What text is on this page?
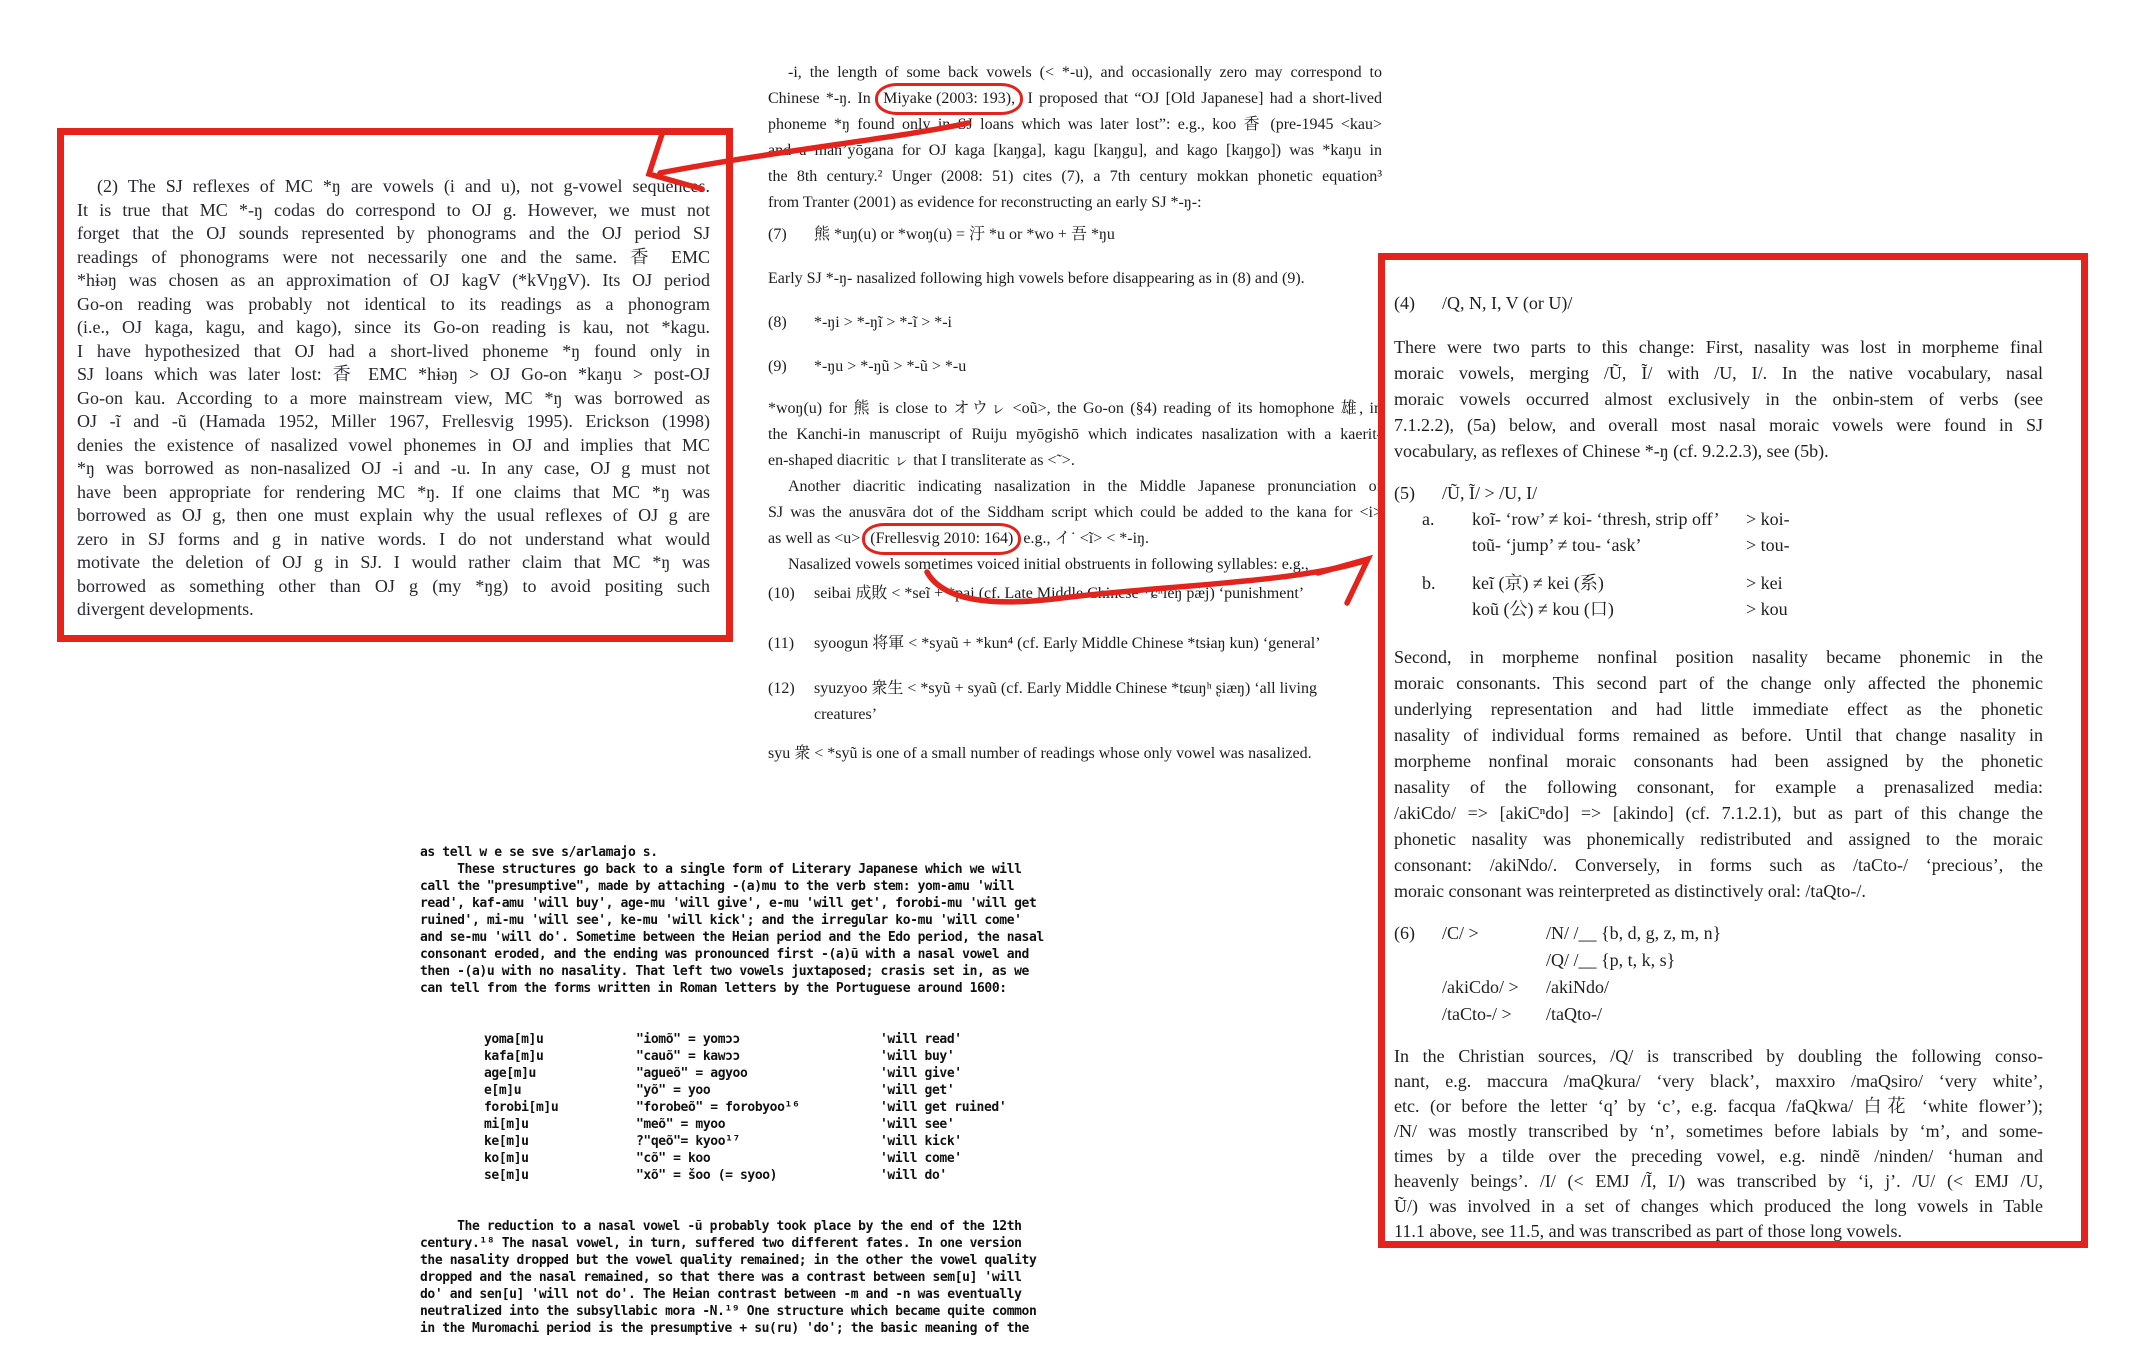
(2) The SJ reflexes of MC *ŋ are vowels (i and u), not g-vowel sequences.
It is true that MC *-ŋ codas do correspond to OJ g. However, we must not
forget that the OJ sounds represented by phonograms and the OJ period SJ
readings of phonograms were not necessarily one and the same. 香 EMC
*hɨəŋ was chosen as an approximation of OJ kagV (*kVŋgV). Its OJ period
Go-on reading was probably not identical to its readings as a phonogram
(i.e., OJ kaga, kagu, and kago), since its Go-on reading is kau, not *kagu.
I have hypothesized that OJ had a short-lived phoneme *ŋ found only in
SJ loans which was later lost: 香 EMC *hɨəŋ > OJ Go-on *kaŋu > post-OJ
Go-on kau. According to a more mainstream view, MC *ŋ was borrowed as
OJ -ĩ and -ũ (Hamada 1952, Miller 1967, Frellesvig 1995). Erickson (1998)
denies the existence of nasalized vowel phonemes in OJ and implies that MC
*ŋ was borrowed as non-nasalized OJ -i and -u. In any case, OJ g must not
have been appropriate for rendering MC *ŋ. If one claims that MC *ŋ was
borrowed as OJ g, then one must explain why the usual reflexes of OJ g are
zero in SJ forms and g in native words. I do not understand what would
motivate the deletion of OJ g in SJ. I would rather claim that MC *ŋ was
borrowed as something other than OJ g (my *ŋg) to avoid positing such
divergent developments.
-i, the length of some back vowels (< *-u), and occasionally zero may correspond to
Chinese *-ŋ. In Miyake (2003: 193), I proposed that “OJ [Old Japanese] had a short-lived
phoneme *ŋ found only in SJ loans which was later lost”: e.g., koo 香 (pre-1945 <kau>
and a man’yōgana for OJ kaga [kaŋga], kagu [kaŋgu], and kago [kaŋgo]) was *kaŋu in
the 8th century.² Unger (2008: 51) cites (7), a 7th century mokkan phonetic equation³
from Tranter (2001) as evidence for reconstructing an early SJ *-ŋ-:
(7) 熊 *uŋ(u) or *woŋ(u) = 汙 *u or *wo + 吾 *ŋu
Early SJ *-ŋ- nasalized following high vowels before disappearing as in (8) and (9).
(8) *-ŋi > *-ŋĩ > *-ĩ > *-i
(9) *-ŋu > *-ŋũ > *-ũ > *-u
*woŋ(u) for 熊 is close to オウㇾ <oũ>, the Go-on (§4) reading of its homophone 雄, in
the Kanchi-in manuscript of Ruiju myōgishō which indicates nasalization with a kaerit-
en-shaped diacritic ㇾ that I transliterate as <˜>.
Another diacritic indicating nasalization in the Middle Japanese pronunciation of
SJ was the anusvāra dot of the Siddham script which could be added to the kana for <i>
as well as <u> (Frellesvig 2010: 164) e.g., イ˙ <ĩ> < *-iŋ.
Nasalized vowels sometimes voiced initial obstruents in following syllables: e.g.,
(10) seibai 成敗 < *seĩ + *pai (cf. Late Middle Chinese *ɕʰieŋ pæ̀j) ‘punishment’
(11) syoogun 将軍 < *syaũ + *kun⁴ (cf. Early Middle Chinese *tsɨaŋ kun) ‘general’
(12) syuzyoo 衆生 < *syũ + syaũ (cf. Early Middle Chinese *tɕuŋʰ ʂiæŋ) ‘all living
creatures’
syu 衆 < *syũ is one of a small number of readings whose only vowel was nasalized.

as tell w e se sve s/arlamajo s.

These structures go back to a single form of Literary Japanese which we will
call the "presumptive", made by attaching -(a)mu to the verb stem: yom-amu 'will
read', kaf-amu 'will buy', age-mu 'will give', e-mu 'will get', forobi-mu 'will get
ruined', mi-mu 'will see', ke-mu 'will kick'; and the irregular ko-mu 'will come'
and se-mu 'will do'. Sometime between the Heian period and the Edo period, the nasal
consonant eroded, and the ending was pronounced first -(a)ũ with a nasal vowel and
then -(a)u with no nasality. That left two vowels juxtaposed; crasis set in, as we
can tell from the forms written in Roman letters by the Portuguese around 1600:

yoma[m]u	"iomõ" = yomɔɔ	'will read'
kafa[m]u	"cauõ" = kawɔɔ	'will buy'
age[m]u	"agueõ" = agyoo	'will give'
e[m]u	"yõ" = yoo	'will get'
forobi[m]u	"forobeõ" = forobyoo¹⁶	'will get ruined'
mi[m]u	"meõ" = myoo	'will see'
ke[m]u	?"qeõ"= kyoo¹⁷	'will kick'
ko[m]u	"cõ" = koo	'will come'
se[m]u	"xõ" = šoo (= syoo)	'will do'

The reduction to a nasal vowel -ũ probably took place by the end of the 12th
century.¹⁸ The nasal vowel, in turn, suffered two different fates. In one version
the nasality dropped but the vowel quality remained; in the other the vowel quality
dropped and the nasal remained, so that there was a contrast between sem[u] 'will
do' and sen[u] 'will not do'. The Heian contrast between -m and -n was eventually
neutralized into the subsyllabic mora -N.¹⁹ One structure which became quite common
in the Muromachi period is the presumptive + su(ru) 'do'; the basic meaning of the

(4) /Q, N, I, V (or U)/
There were two parts to this change: First, nasality was lost in morpheme final
moraic vowels, merging /Ũ, Ĩ/ with /U, I/. In the native vocabulary, nasal
moraic vowels occurred almost exclusively in the onbin-stem of verbs (see
7.1.2.2), (5a) below, and overall most nasal moraic vowels were found in SJ
vocabulary, as reflexes of Chinese *-ŋ (cf. 9.2.2.3), see (5b).
(5) /Ũ, Ĩ/ > /U, I/
a. koĩ- ‘row’ ≠ koi- ‘thresh, strip off’	> koi-
toũ- ‘jump’ ≠ tou- ‘ask’	> tou-
b. keĩ (京) ≠ kei (系)	> kei
koũ (公) ≠ kou (口)	> kou
Second, in morpheme nonfinal position nasality became phonemic in the
moraic consonants. This second part of the change only affected the phonemic
underlying representation and had little immediate effect as the phonetic
nasality of individual forms remained as before. Until that change nasality in
morpheme nonfinal moraic consonants had been assigned by the phonetic
nasality of the following consonant, for example a prenasalized media:
/akiCdo/ => [akiCⁿdo] => [akindo] (cf. 7.1.2.1), but as part of this change the
phonetic nasality was phonemically redistributed and assigned to the moraic
consonant: /akiNdo/. Conversely, in forms such as /taCto-/ ‘precious’, the
moraic consonant was reinterpreted as distinctively oral: /taQto-/.
(6) /C/ >	/N/ /__ {b, d, g, z, m, n}
/Q/ /__ {p, t, k, s}
/akiCdo/ > /akiNdo/
/taCto-/ > /taQto-/
In the Christian sources, /Q/ is transcribed by doubling the following conso-
nant, e.g. maccura /maQkura/ ‘very black’, maxxiro /maQsiro/ ‘very white’,
etc. (or before the letter ‘q’ by ‘c’, e.g. facqua /faQkwa/ 白花 ‘white flower’);
/N/ was mostly transcribed by ‘n’, sometimes before labials by ‘m’, and some-
times by a tilde over the preceding vowel, e.g. nindẽ /ninden/ ‘human and
heavenly beings’. /I/ (< EMJ /Ĩ, I/) was transcribed by ‘i, j’. /U/ (< EMJ /U,
Ũ/) was involved in a set of changes which produced the long vowels in Table
11.1 above, see 11.5, and was transcribed as part of those long vowels.
